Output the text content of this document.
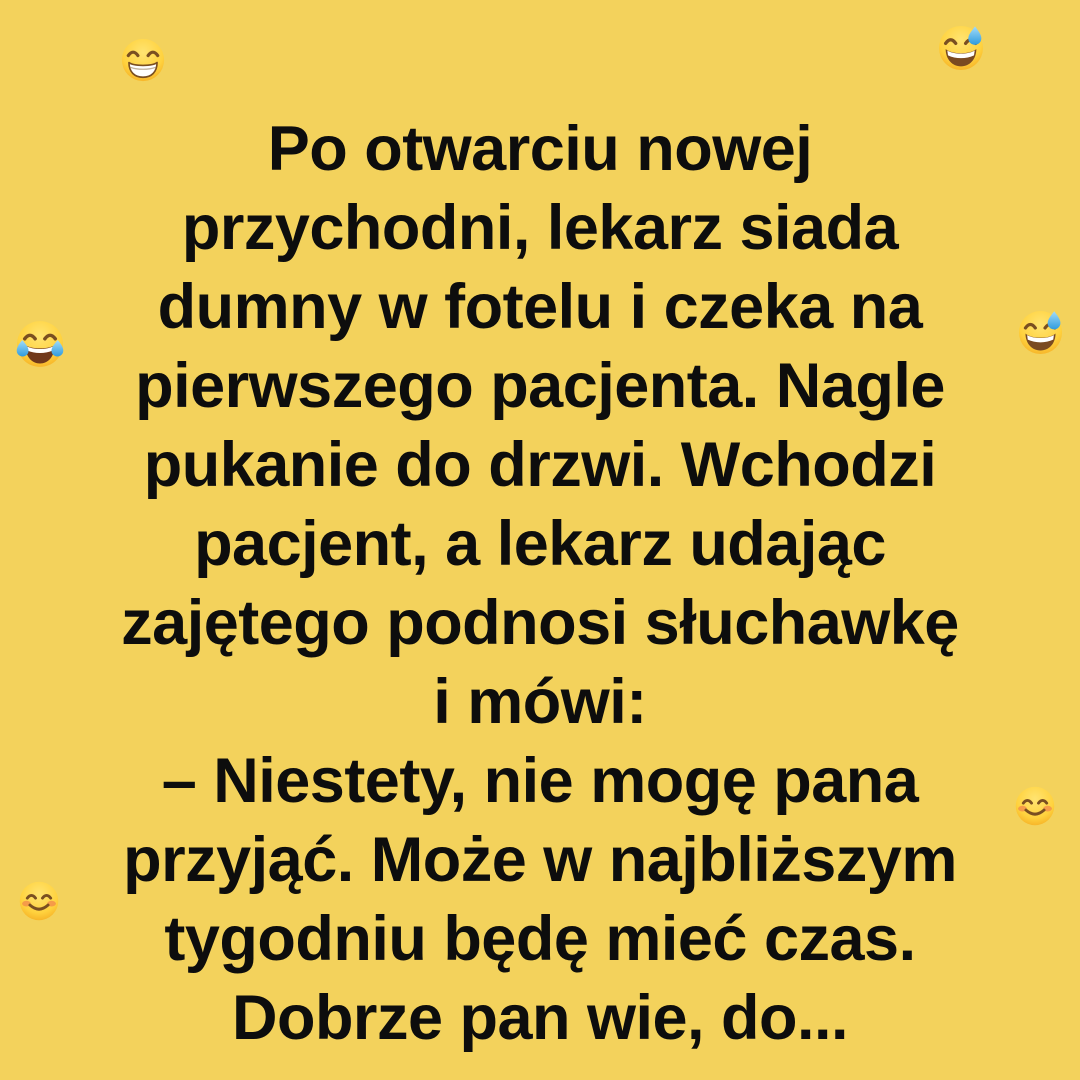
Po otwarciu nowej
przychodni, lekarz siada
dumny w fotelu i czeka na
pierwszego pacjenta. Nagle
pukanie do drzwi. Wchodzi
pacjent, a lekarz udając
zajętego podnosi słuchawkę
i mówi:
– Niestety, nie mogę pana
przyjąć. Może w najbliższym
tygodniu będę mieć czas.
Dobrze pan wie, do...
